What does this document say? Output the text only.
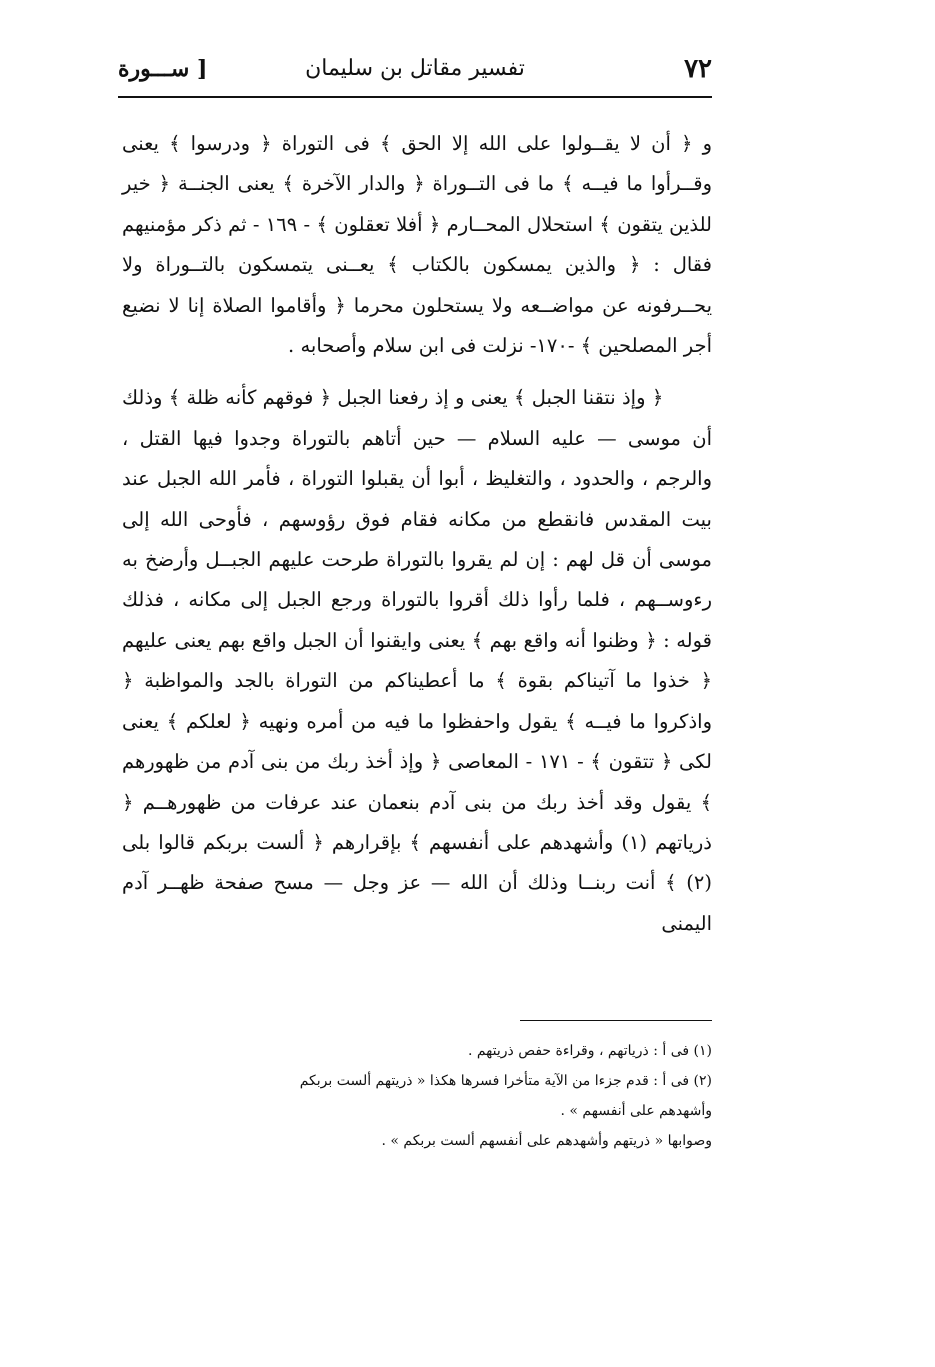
٧٢
تفسير مقاتل بن سليمان
[ ســـورة

و ﴿ أن لا يقــولوا على الله إلا الحق ﴾ فى التوراة ﴿ ودرسوا ﴾ يعنى وقــرأوا ما فيــه ﴾ ما فى التــوراة ﴿ والدار الآخرة ﴾ يعنى الجنــة ﴿ خير للذين يتقون ﴾ استحلال المحــارم ﴿ أفلا تعقلون ﴾ - ١٦٩ - ثم ذكر مؤمنيهم فقال : ﴿ والذين يمسكون بالكتاب ﴾ يعــنى يتمسكون بالتــوراة ولا يحــرفونه عن مواضــعه ولا يستحلون محرما ﴿ وأقاموا الصلاة إنا لا نضيع أجر المصلحين ﴾ -١٧٠- نزلت فى ابن سلام وأصحابه .

﴿ وإذ نتقنا الجبل ﴾ يعنى و إذ رفعنا الجبل ﴿ فوقهم كأنه ظلة ﴾ وذلك أن موسى — عليه السلام — حين أتاهم بالتوراة وجدوا فيها القتل ، والرجم ، والحدود ، والتغليظ ، أبوا أن يقبلوا التوراة ، فأمر الله الجبل عند بيت المقدس فانقطع من مكانه فقام فوق رؤوسهم ، فأوحى الله إلى موسى أن قل لهم : إن لم يقروا بالتوراة طرحت عليهم الجبــل وأرضخ به رءوســهم ، فلما رأوا ذلك أقروا بالتوراة ورجع الجبل إلى مكانه ، فذلك قوله : ﴿ وظنوا أنه واقع بهم ﴾ يعنى وايقنوا أن الجبل واقع بهم يعنى عليهم ﴿ خذوا ما آتيناكم بقوة ﴾ ما أعطيناكم من التوراة بالجد والمواظبة ﴿ واذكروا ما فيــه ﴾ يقول واحفظوا ما فيه من أمره ونهيه ﴿ لعلكم ﴾ يعنى لكى ﴿ تتقون ﴾ - ١٧١ - المعاصى ﴿ وإذ أخذ ربك من بنى آدم من ظهورهم ﴾ يقول وقد أخذ ربك من بنى آدم بنعمان عند عرفات من ظهورهــم ﴿ ذرياتهم (١) وأشهدهم على أنفسهم ﴾ بإقرارهم ﴿ ألست بربكم قالوا بلى (٢) ﴾ أنت ربنــا وذلك أن الله — عز وجل — مسح صفحة ظهــر آدم اليمنى

(١) فى أ : ذرياتهم ، وقراءة حفص ذريتهم .

(٢) فى أ : قدم جزءا من الآية متأخرا فسرها هكذا « ذريتهم ألست بربكم وأشهدهم على أنفسهم » .

وصوابها « ذريتهم وأشهدهم على أنفسهم ألست بربكم » .
